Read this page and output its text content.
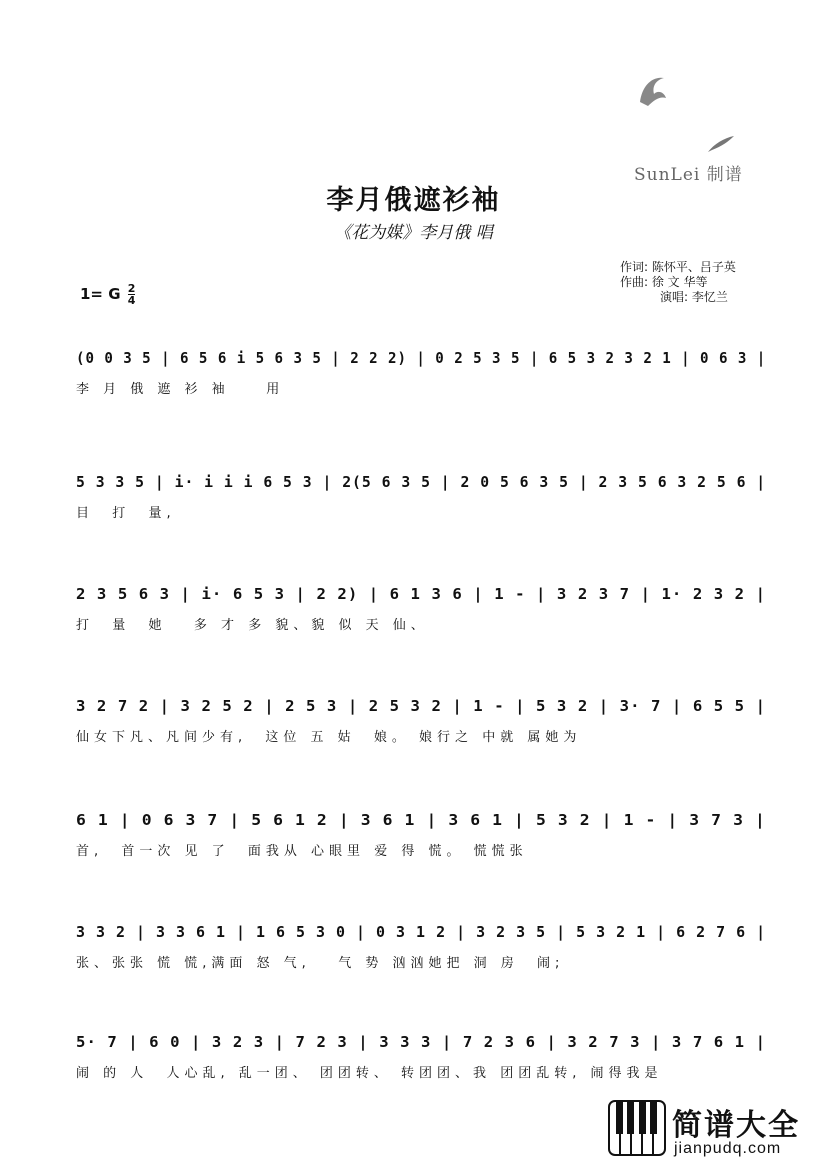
SunLei 制谱
李月俄遮衫袖
《花为媒》李月俄 唱
作词: 陈怀平、吕子英
作曲: 徐 文 华等
演唱: 李忆兰
1= G $\frac{2}{4}$
(0 0 3 5 | 6 5 6 i 5 6 3 5 | 2 2 2) | 0 2 5 3 5 | 6 5 3 2 3 2 1 | 0 6 3 |
李 月 俄 遮 衫 袖    用
5 3 3 5 | i· i i i 6 5 3 | 2(5 6 3 5 | 2 0 5 6 3 5 | 2 3 5 6 3 2 5 6 |
目  打  量,
2 3 5 6 3 | i· 6 5 3 | 2 2) | 6 1 3 6 | 1 - | 3 2 3 7 | 1· 2 3 2 |
打  量  她   多 才 多 貌、貌 似 天 仙、
3 2 7 2 | 3 2 5 2 | 2 5 3 | 2 5 3 2 | 1 - | 5 3 2 | 3· 7 | 6 5 5 |
仙女下凡、凡间少有,  这位 五 姑  娘。 娘行之 中就 属她为
6 1 | 0 6 3 7 | 5 6 1 2 | 3 6 1 | 3 6 1 | 5 3 2 | 1 - | 3 7 3 |
首,  首一次 见 了  面我从 心眼里 爱 得 慌。 慌慌张
3 3 2 | 3 3 6 1 | 1 6 5 3 0 | 0 3 1 2 | 3 2 3 5 | 5 3 2 1 | 6 2 7 6 |
张、张张 慌 慌,满面 怒 气,   气 势 汹汹她把 洞 房  闹;
5· 7 | 6 0 | 3 2 3 | 7 2 3 | 3 3 3 | 7 2 3 6 | 3 2 7 3 | 3 7 6 1 |
闹 的 人  人心乱, 乱一团、 团团转、 转团团、我 团团乱转, 闹得我是
简谱大全
jianpudq.com
